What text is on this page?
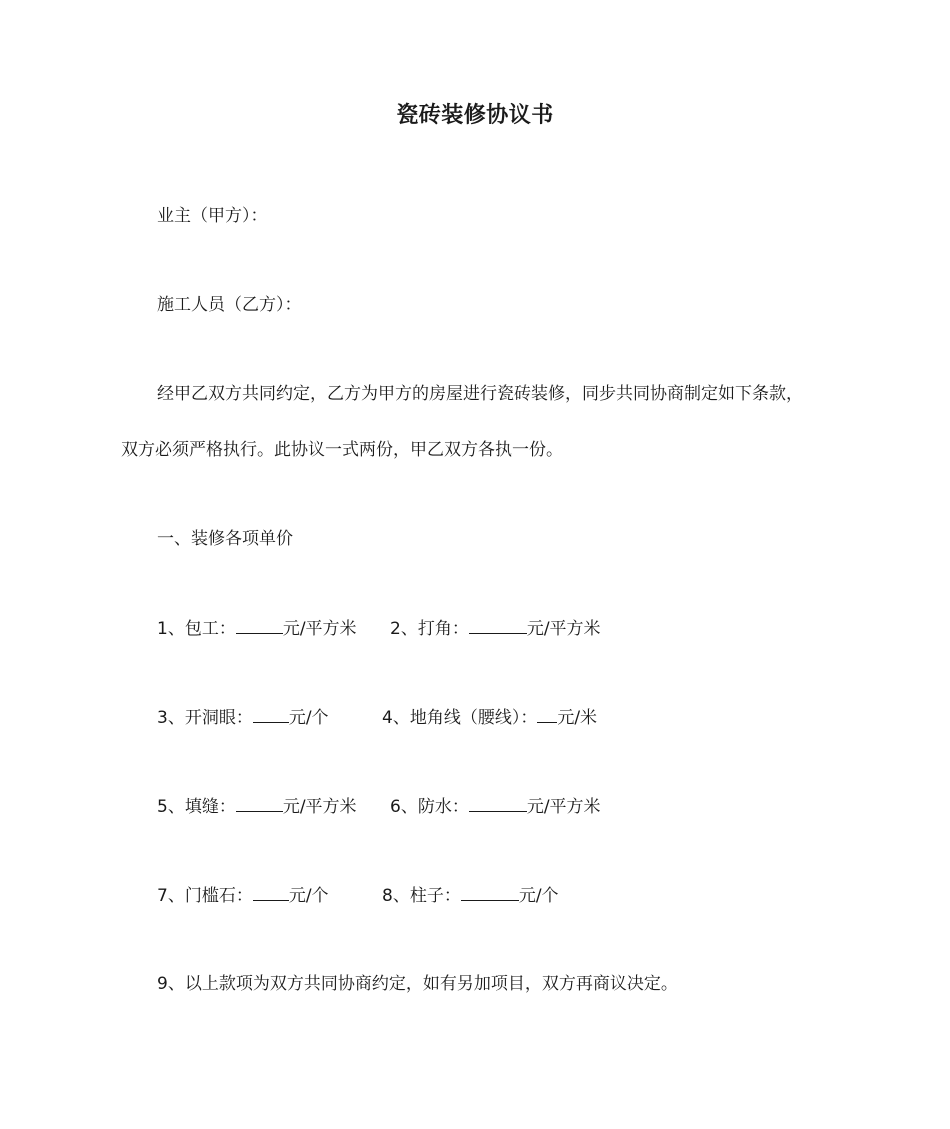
瓷砖装修协议书
业主（甲方）：
施工人员（乙方）：
经甲乙双方共同约定，乙方为甲方的房屋进行瓷砖装修，同步共同协商制定如下条款，
双方必须严格执行。此协议一式两份，甲乙双方各执一份。
一、装修各项单价
1、包工：	元/平方米 2、打角：	元/平方米
3、开洞眼： 元/个	4、地角线（腰线）： 元/米
5、填缝：	元/平方米 6、防水：	元/平方米
7、门槛石： 元/个	8、柱子：	元/个
9、以上款项为双方共同协商约定，如有另加项目，双方再商议决定。
